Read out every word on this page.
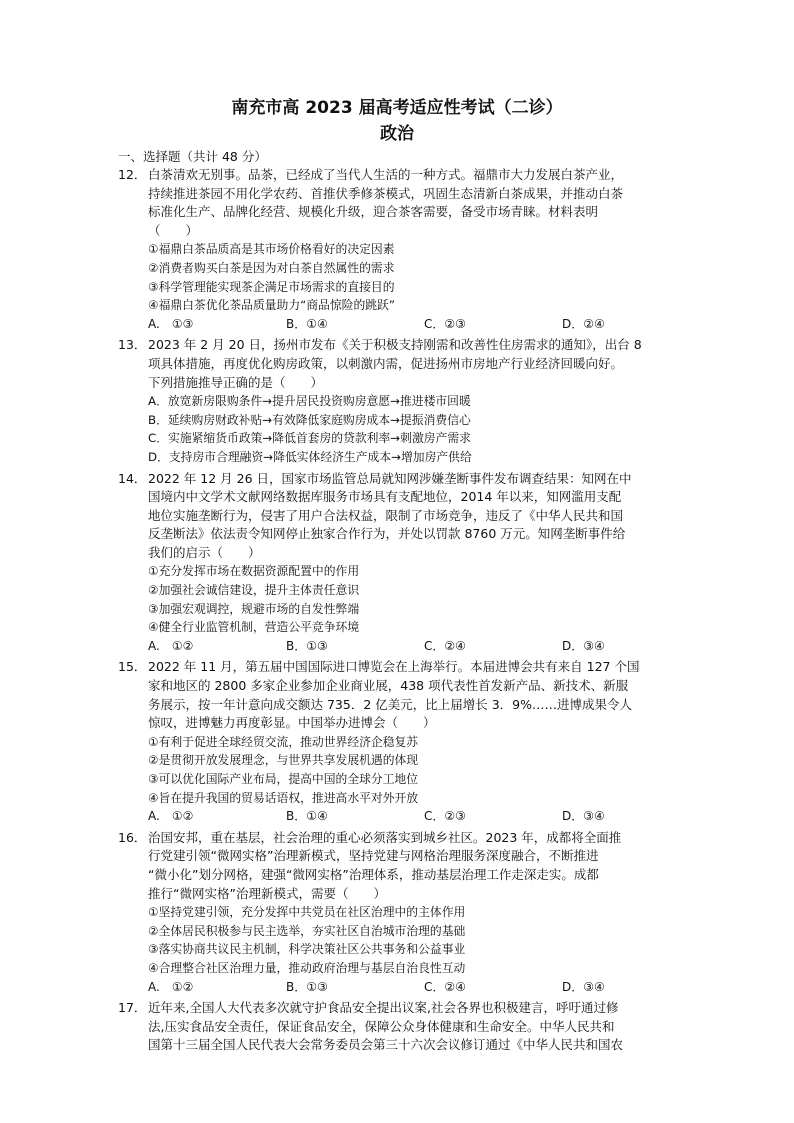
南充市高 2023 届高考适应性考试（二诊）
政治

一、选择题（共计 48 分）

12． 白茶清欢无别事。品茶，已经成了当代人生活的一种方式。福鼎市大力发展白茶产业，
持续推进茶园不用化学农药、首推伏季修茶模式，巩固生态清新白茶成果，并推动白茶
标准化生产、品牌化经营、规模化升级，迎合茶客需要，备受市场青睐。材料表明
（　　）
①福鼎白茶品质高是其市场价格看好的决定因素
②消费者购买白茶是因为对白茶自然属性的需求
③科学管理能实现茶企满足市场需求的直接目的
④福鼎白茶优化茶品质量助力“商品惊险的跳跃”
A.　①③	B．①④	C．②③	D．②④
13． 2023 年 2 月 20 日，扬州市发布《关于积极支持刚需和改善性住房需求的通知》，出台 8
项具体措施，再度优化购房政策，以刺激内需，促进扬州市房地产行业经济回暖向好。
下列措施推导正确的是（　　）
A．放宽新房限购条件→提升居民投资购房意愿→推进楼市回暖
B．延续购房财政补贴→有效降低家庭购房成本→提振消费信心
C．实施紧缩货币政策→降低首套房的贷款利率→刺激房产需求
D．支持房市合理融资→降低实体经济生产成本→增加房产供给
14． 2022 年 12 月 26 日，国家市场监管总局就知网涉嫌垄断事件发布调查结果：知网在中
国境内中文学术文献网络数据库服务市场具有支配地位，2014 年以来，知网滥用支配
地位实施垄断行为，侵害了用户合法权益，限制了市场竞争，违反了《中华人民共和国
反垄断法》依法责令知网停止独家合作行为，并处以罚款 8760 万元。知网垄断事件给
我们的启示（　　）
①充分发挥市场在数据资源配置中的作用
②加强社会诚信建设，提升主体责任意识
③加强宏观调控，规避市场的自发性弊端
④健全行业监管机制，营造公平竞争环境
A.　①②	B．①③	C．②④	D．③④
15． 2022 年 11 月，第五届中国国际进口博览会在上海举行。本届进博会共有来自 127 个国
家和地区的 2800 多家企业参加企业商业展，438 项代表性首发新产品、新技术、新服
务展示，按一年计意向成交额达 735．2 亿美元，比上届增长 3．9%……进博成果令人
惊叹，进博魅力再度彰显。中国举办进博会（　　）
①有利于促进全球经贸交流，推动世界经济企稳复苏
②是贯彻开放发展理念，与世界共享发展机遇的体现
③可以优化国际产业布局，提高中国的全球分工地位
④旨在提升我国的贸易话语权，推进高水平对外开放
A.　①②	B．①④	C．②③	D．③④
16． 治国安邦，重在基层，社会治理的重心必须落实到城乡社区。2023 年，成都将全面推
行党建引领“微网实格”治理新模式，坚持党建与网格治理服务深度融合，不断推进
“微小化”划分网格，建强“微网实格”治理体系，推动基层治理工作走深走实。成都
推行“微网实格”治理新模式，需要（　　）
①坚持党建引领，充分发挥中共党员在社区治理中的主体作用
②全体居民积极参与民主选举，夯实社区自治城市治理的基础
③落实协商共议民主机制，科学决策社区公共事务和公益事业
④合理整合社区治理力量，推动政府治理与基层自治良性互动
A.　①②	B．①③	C．②④	D．③④
17． 近年来,全国人大代表多次就守护食品安全提出议案,社会各界也积极建言，呼吁通过修
法,压实食品安全责任，保证食品安全，保障公众身体健康和生命安全。中华人民共和
国第十三届全国人民代表大会常务委员会第三十六次会议修订通过《中华人民共和国农
